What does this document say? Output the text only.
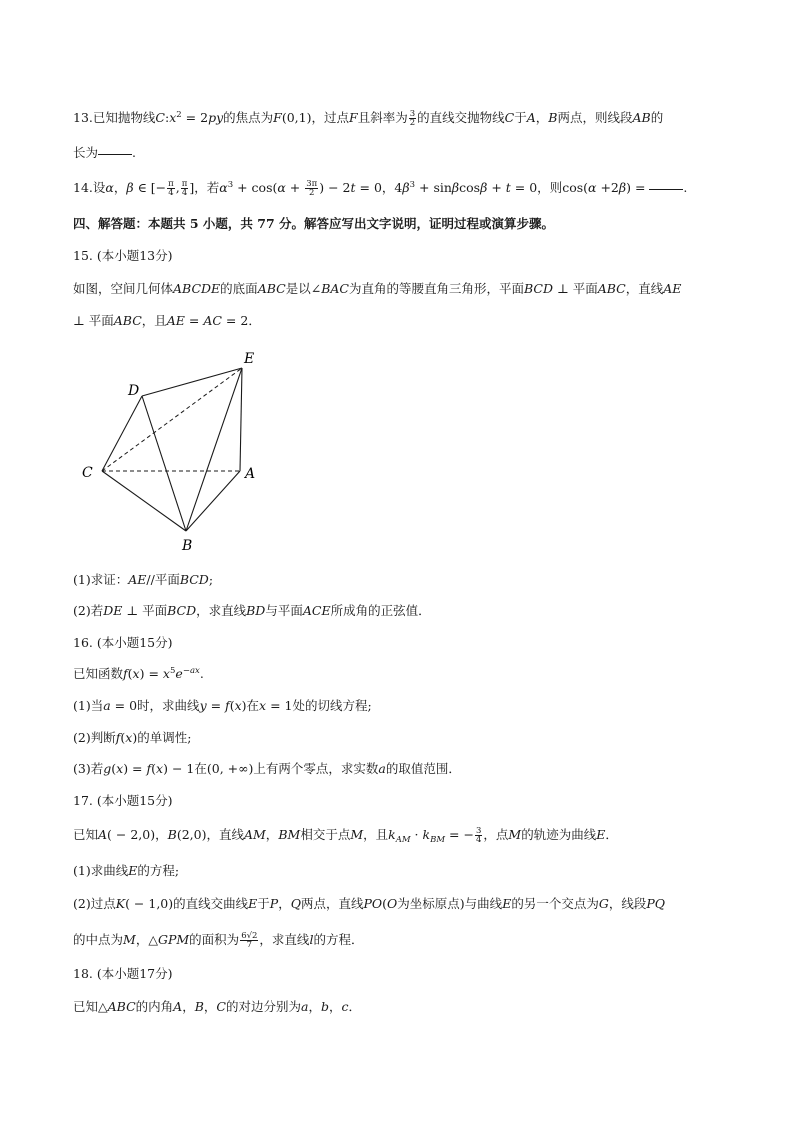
13.已知抛物线$C:x^2 = 2py$的焦点为F(0,1)，过点F且斜率为 $\frac{3}{2}$ 的直线交抛物线C于A，B两点，则线段AB的
长为	.
14.设α，β ∈ [− $\frac{\pi}{4}$ , $\frac{\pi}{4}$ ]，若$\alpha^3 + \cos(\alpha + \frac{3\pi}{2}$ ) − 2t = 0，$4\beta^3 + \sin\beta\cos\beta + t = 0$，则cos(α +2β) =	.
四、解答题：本题共 5 小题，共 77 分。解答应写出文字说明，证明过程或演算步骤。
15. (本小题13分)
如图，空间几何体ABCDE的底面ABC是以∠BAC为直角的等腰直角三角形，平面BCD ⊥ 平面ABC，直线AE
⊥ 平面ABC，且AE = AC = 2．
E
D
C	A
B
(1)求证：AE//平面BCD;
(2)若DE ⊥ 平面BCD，求直线BD与平面ACE所成角的正弦值．
16. (本小题15分)
已知函数$f(x) = x^5e^{-ax}$.
(1)当a = 0时，求曲线y = f(x)在x = 1处的切线方程;
(2)判断f(x)的单调性;
(3)若g(x) = f(x) − 1在(0, +∞)上有两个零点，求实数a的取值范围．
17. (本小题15分)
已知A( − 2,0)，B(2,0)，直线AM，BM相交于点M，且$k_{AM} \cdot k_{BM}$ = − $\frac{3}{4}$ ，点M的轨迹为曲线E．
(1)求曲线E的方程;
(2)过点K( − 1,0)的直线交曲线E于P，Q两点，直线PO(O为坐标原点)与曲线E的另一个交点为G，线段PQ
的中点为M，△GPM的面积为 $\frac{6√2}{7}$ ，求直线l的方程．
18. (本小题17分)
已知△ABC的内角A，B，C的对边分别为a，b，c．
